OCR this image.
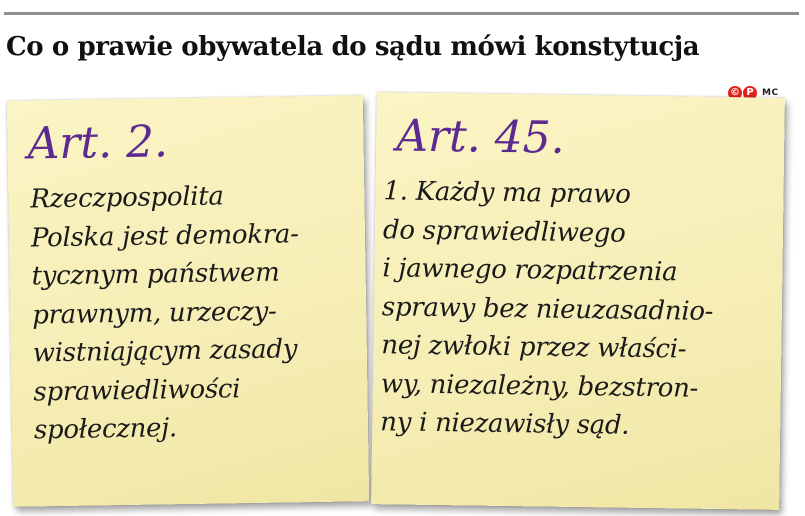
Co o prawie obywatela do sądu mówi konstytucja
© P MC
Art. 2.
Rzeczpospolita
Polska jest demokra-
tycznym państwem
prawnym, urzeczy-
wistniającym zasady
sprawiedliwości
społecznej.
Art. 45.
1. Każdy ma prawo
do sprawiedliwego
i jawnego rozpatrzenia
sprawy bez nieuzasadnio-
nej zwłoki przez właści-
wy, niezależny, bezstron-
ny i niezawisły sąd.
